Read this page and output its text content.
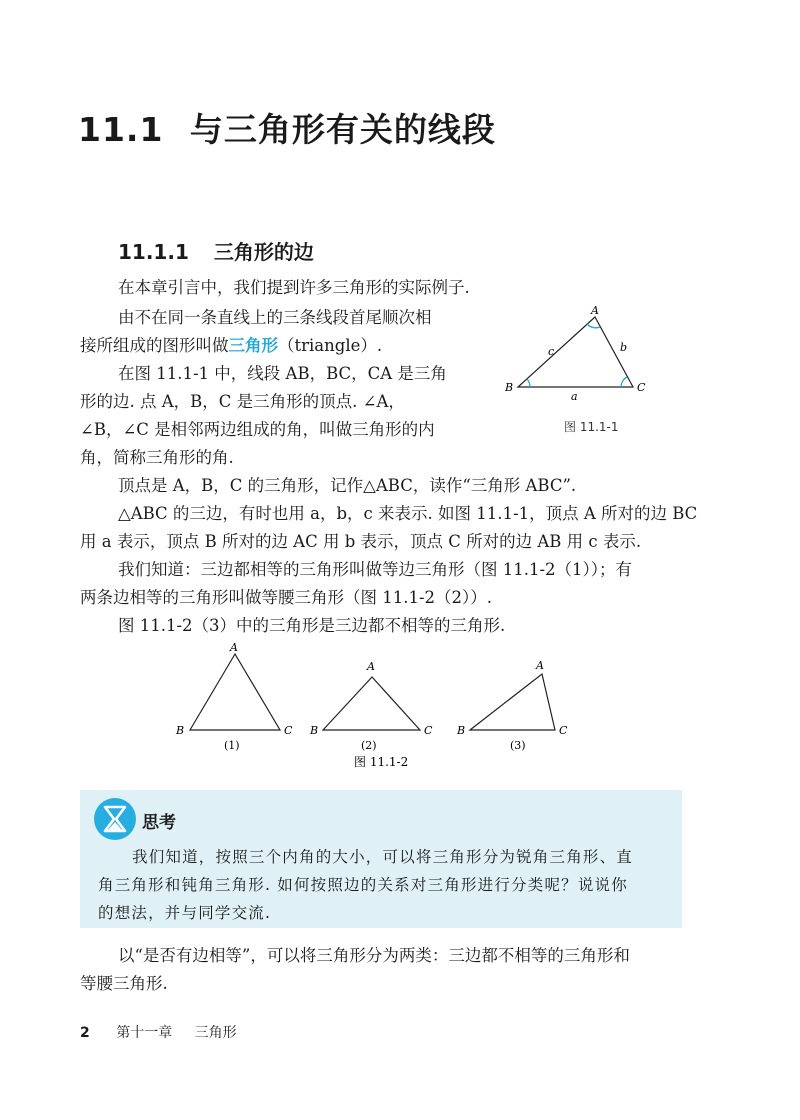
11.1 与三角形有关的线段
11.1.1 三角形的边
在本章引言中，我们提到许多三角形的实际例子.
由不在同一条直线上的三条线段首尾顺次相
接所组成的图形叫做三角形（triangle）.
在图 11.1-1 中，线段 AB，BC，CA 是三角
形的边. 点 A，B，C 是三角形的顶点. ∠A，
∠B，∠C 是相邻两边组成的角，叫做三角形的内
角，简称三角形的角.
A
B	C
c	b
a
图 11.1-1
顶点是 A，B，C 的三角形，记作△ABC，读作“三角形 ABC”.
△ABC 的三边，有时也用 a，b，c 来表示. 如图 11.1-1，顶点 A 所对的边 BC
用 a 表示，顶点 B 所对的边 AC 用 b 表示，顶点 C 所对的边 AB 用 c 表示.
我们知道：三边都相等的三角形叫做等边三角形（图 11.1-2（1））；有
两条边相等的三角形叫做等腰三角形（图 11.1-2（2））.
图 11.1-2（3）中的三角形是三边都不相等的三角形.
A
B	C
(1)
A
B	C
(2)
A
B	C
(3)
图 11.1-2
思考
我们知道，按照三个内角的大小，可以将三角形分为锐角三角形、直
角三角形和钝角三角形. 如何按照边的关系对三角形进行分类呢？说说你
的想法，并与同学交流.
以“是否有边相等”，可以将三角形分为两类：三边都不相等的三角形和
等腰三角形.
2 第十一章 三角形
